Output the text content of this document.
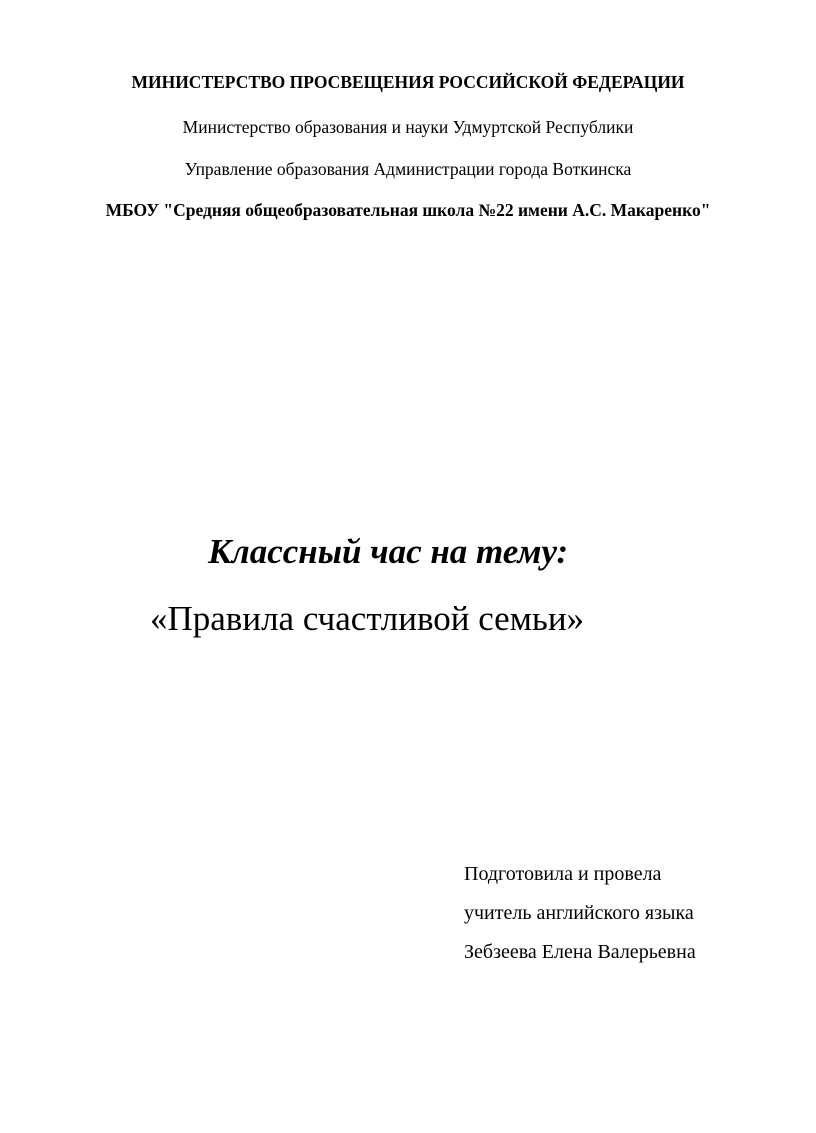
МИНИСТЕРСТВО ПРОСВЕЩЕНИЯ РОССИЙСКОЙ ФЕДЕРАЦИИ

Министерство образования и науки Удмуртской Республики

Управление образования Администрации города Воткинска

МБОУ "Средняя общеобразовательная школа №22 имени А.С. Макаренко"

Классный час на тему:

«Правила счастливой семьи»

Подготовила и провела

учитель английского языка

Зебзеева Елена Валерьевна
